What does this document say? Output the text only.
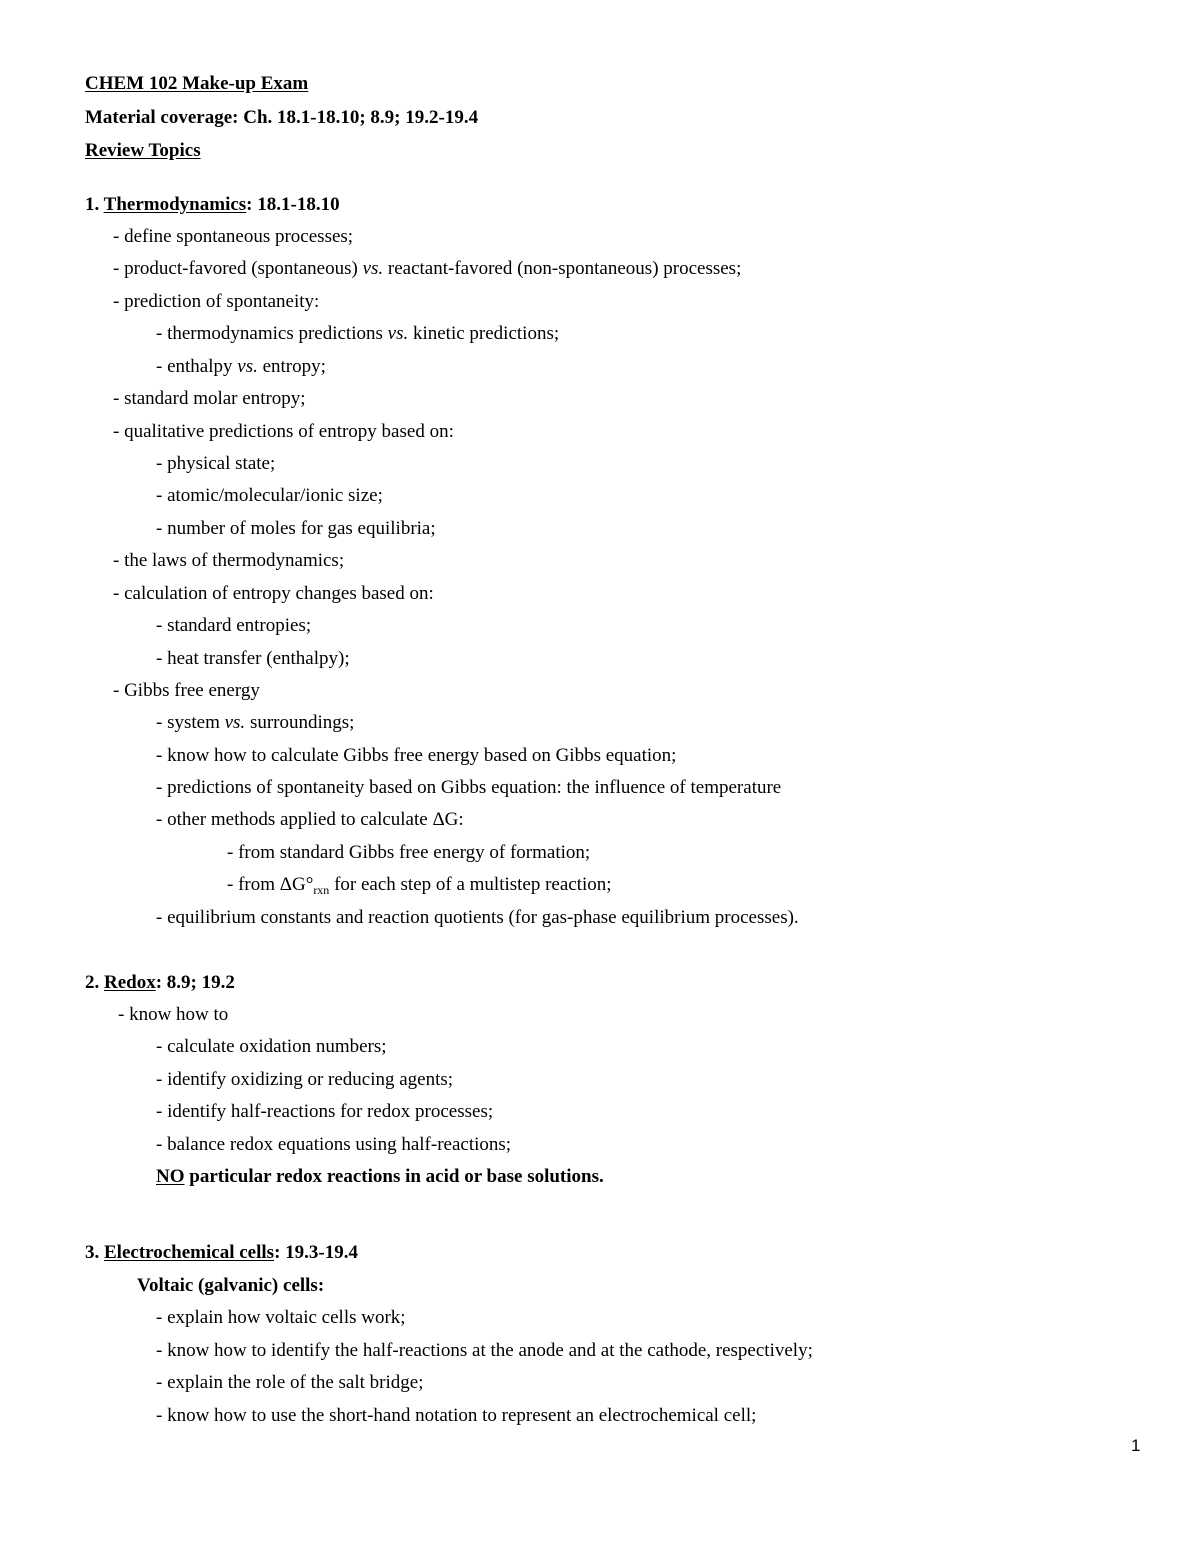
CHEM 102 Make-up Exam
Material coverage: Ch. 18.1-18.10; 8.9; 19.2-19.4
Review Topics
1. Thermodynamics: 18.1-18.10
- define spontaneous processes;
- product-favored (spontaneous) vs. reactant-favored (non-spontaneous) processes;
- prediction of spontaneity:
- thermodynamics predictions vs. kinetic predictions;
- enthalpy vs. entropy;
- standard molar entropy;
- qualitative predictions of entropy based on:
- physical state;
- atomic/molecular/ionic size;
- number of moles for gas equilibria;
- the laws of thermodynamics;
- calculation of entropy changes based on:
- standard entropies;
- heat transfer (enthalpy);
- Gibbs free energy
- system vs. surroundings;
- know how to calculate Gibbs free energy based on Gibbs equation;
- predictions of spontaneity based on Gibbs equation: the influence of temperature
- other methods applied to calculate ΔG:
- from standard Gibbs free energy of formation;
- from $\Delta G^\circ_{rxn}$ for each step of a multistep reaction;
- equilibrium constants and reaction quotients (for gas-phase equilibrium processes).
2. Redox: 8.9; 19.2
- know how to
- calculate oxidation numbers;
- identify oxidizing or reducing agents;
- identify half-reactions for redox processes;
- balance redox equations using half-reactions;
NO particular redox reactions in acid or base solutions.
3. Electrochemical cells: 19.3-19.4
Voltaic (galvanic) cells:
- explain how voltaic cells work;
- know how to identify the half-reactions at the anode and at the cathode, respectively;
- explain the role of the salt bridge;
- know how to use the short-hand notation to represent an electrochemical cell;
1
